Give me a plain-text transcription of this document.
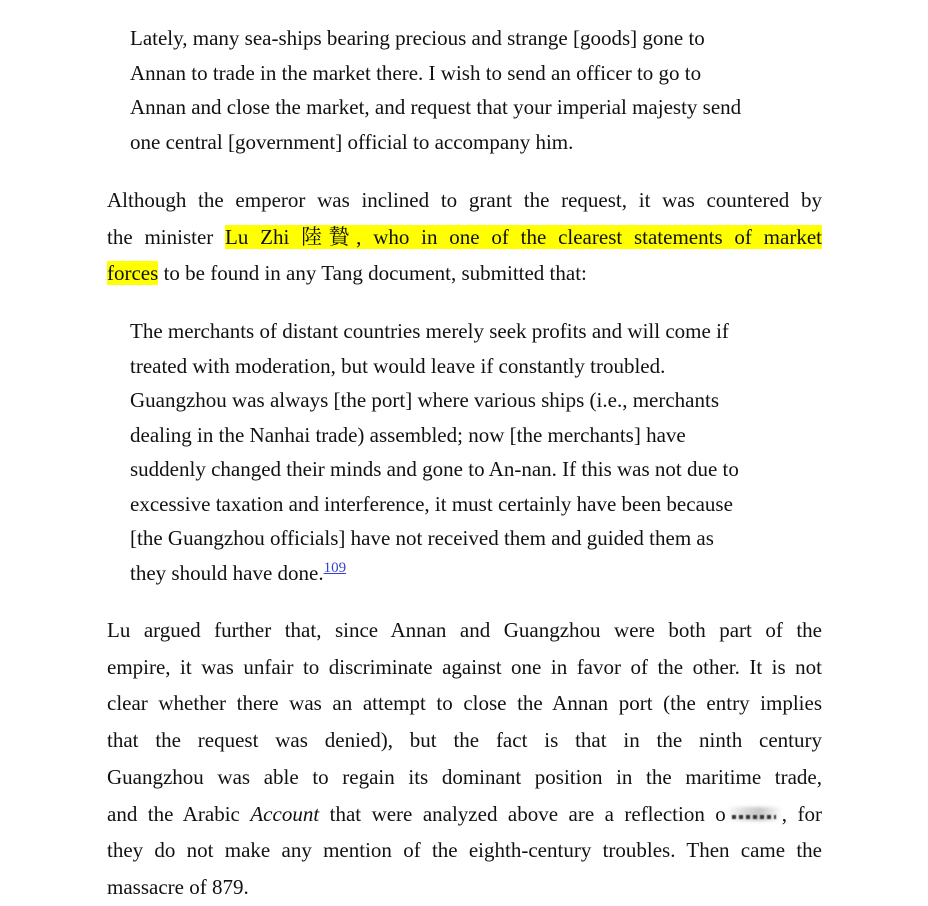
Lately, many sea-ships bearing precious and strange [goods] gone to
Annan to trade in the market there. I wish to send an officer to go to
Annan and close the market, and request that your imperial majesty send
one central [government] official to accompany him.
Although the emperor was inclined to grant the request, it was countered by
the minister Lu Zhi 陸贄, who in one of the clearest statements of market
forces to be found in any Tang document, submitted that:
The merchants of distant countries merely seek profits and will come if
treated with moderation, but would leave if constantly troubled.
Guangzhou was always [the port] where various ships (i.e., merchants
dealing in the Nanhai trade) assembled; now [the merchants] have
suddenly changed their minds and gone to An-nan. If this was not due to
excessive taxation and interference, it must certainly have been because
[the Guangzhou officials] have not received them and guided them as
they should have done.$^{109}$
Lu argued further that, since Annan and Guangzhou were both part of the
empire, it was unfair to discriminate against one in favor of the other. It is not
clear whether there was an attempt to close the Annan port (the entry implies
that the request was denied), but the fact is that in the ninth century
Guangzhou was able to regain its dominant position in the maritime trade,
and the Arabic Account that were analyzed above are a reflection o	, for
they do not make any mention of the eighth-century troubles. Then came the
massacre of 879.
